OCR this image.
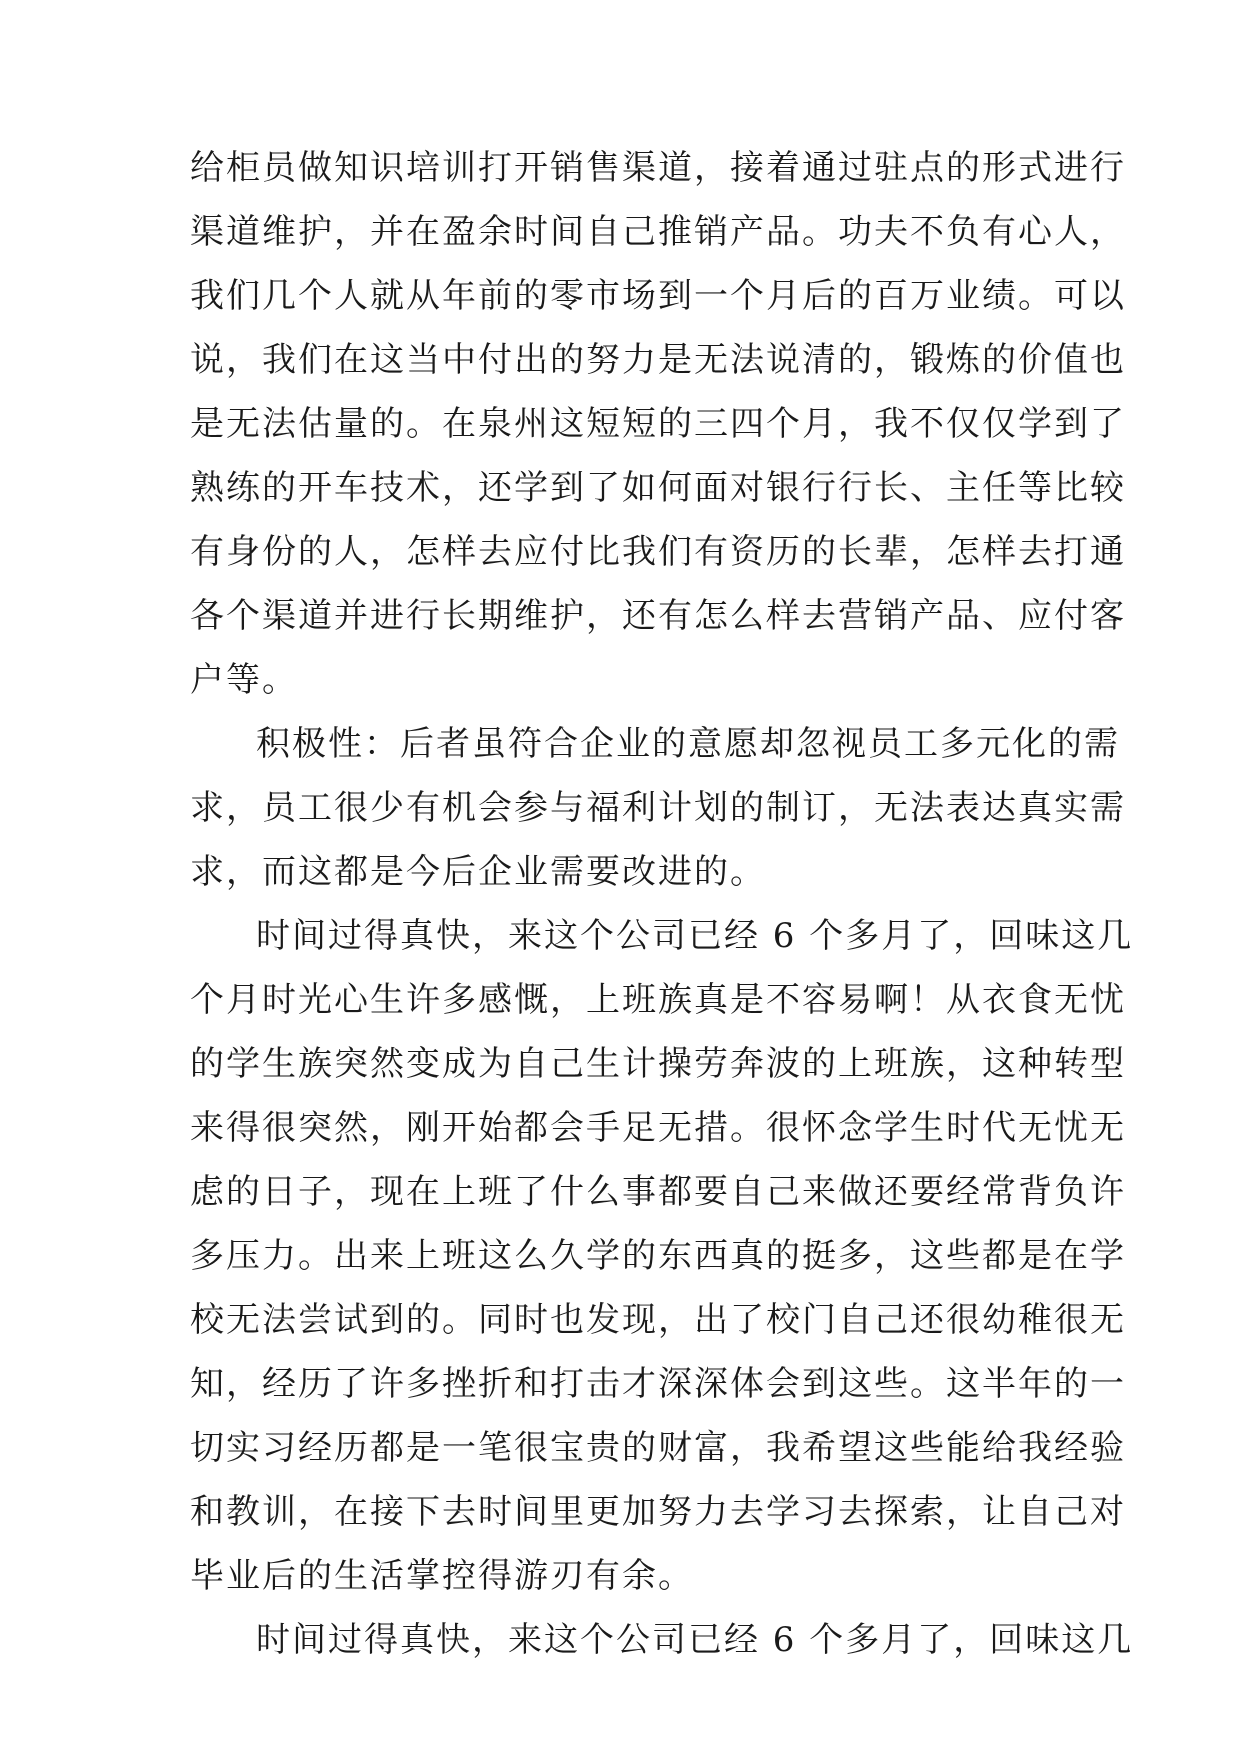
给柜员做知识培训打开销售渠道，接着通过驻点的形式进行
渠道维护，并在盈余时间自己推销产品。功夫不负有心人，
我们几个人就从年前的零市场到一个月后的百万业绩。可以
说，我们在这当中付出的努力是无法说清的，锻炼的价值也
是无法估量的。在泉州这短短的三四个月，我不仅仅学到了
熟练的开车技术，还学到了如何面对银行行长、主任等比较
有身份的人，怎样去应付比我们有资历的长辈，怎样去打通
各个渠道并进行长期维护，还有怎么样去营销产品、应付客
户等。
积极性：后者虽符合企业的意愿却忽视员工多元化的需
求，员工很少有机会参与福利计划的制订，无法表达真实需
求，而这都是今后企业需要改进的。
时间过得真快，来这个公司已经 6 个多月了，回味这几
个月时光心生许多感慨，上班族真是不容易啊！从衣食无忧
的学生族突然变成为自己生计操劳奔波的上班族，这种转型
来得很突然，刚开始都会手足无措。很怀念学生时代无忧无
虑的日子，现在上班了什么事都要自己来做还要经常背负许
多压力。出来上班这么久学的东西真的挺多，这些都是在学
校无法尝试到的。同时也发现，出了校门自己还很幼稚很无
知，经历了许多挫折和打击才深深体会到这些。这半年的一
切实习经历都是一笔很宝贵的财富，我希望这些能给我经验
和教训，在接下去时间里更加努力去学习去探索，让自己对
毕业后的生活掌控得游刃有余。
时间过得真快，来这个公司已经 6 个多月了，回味这几
